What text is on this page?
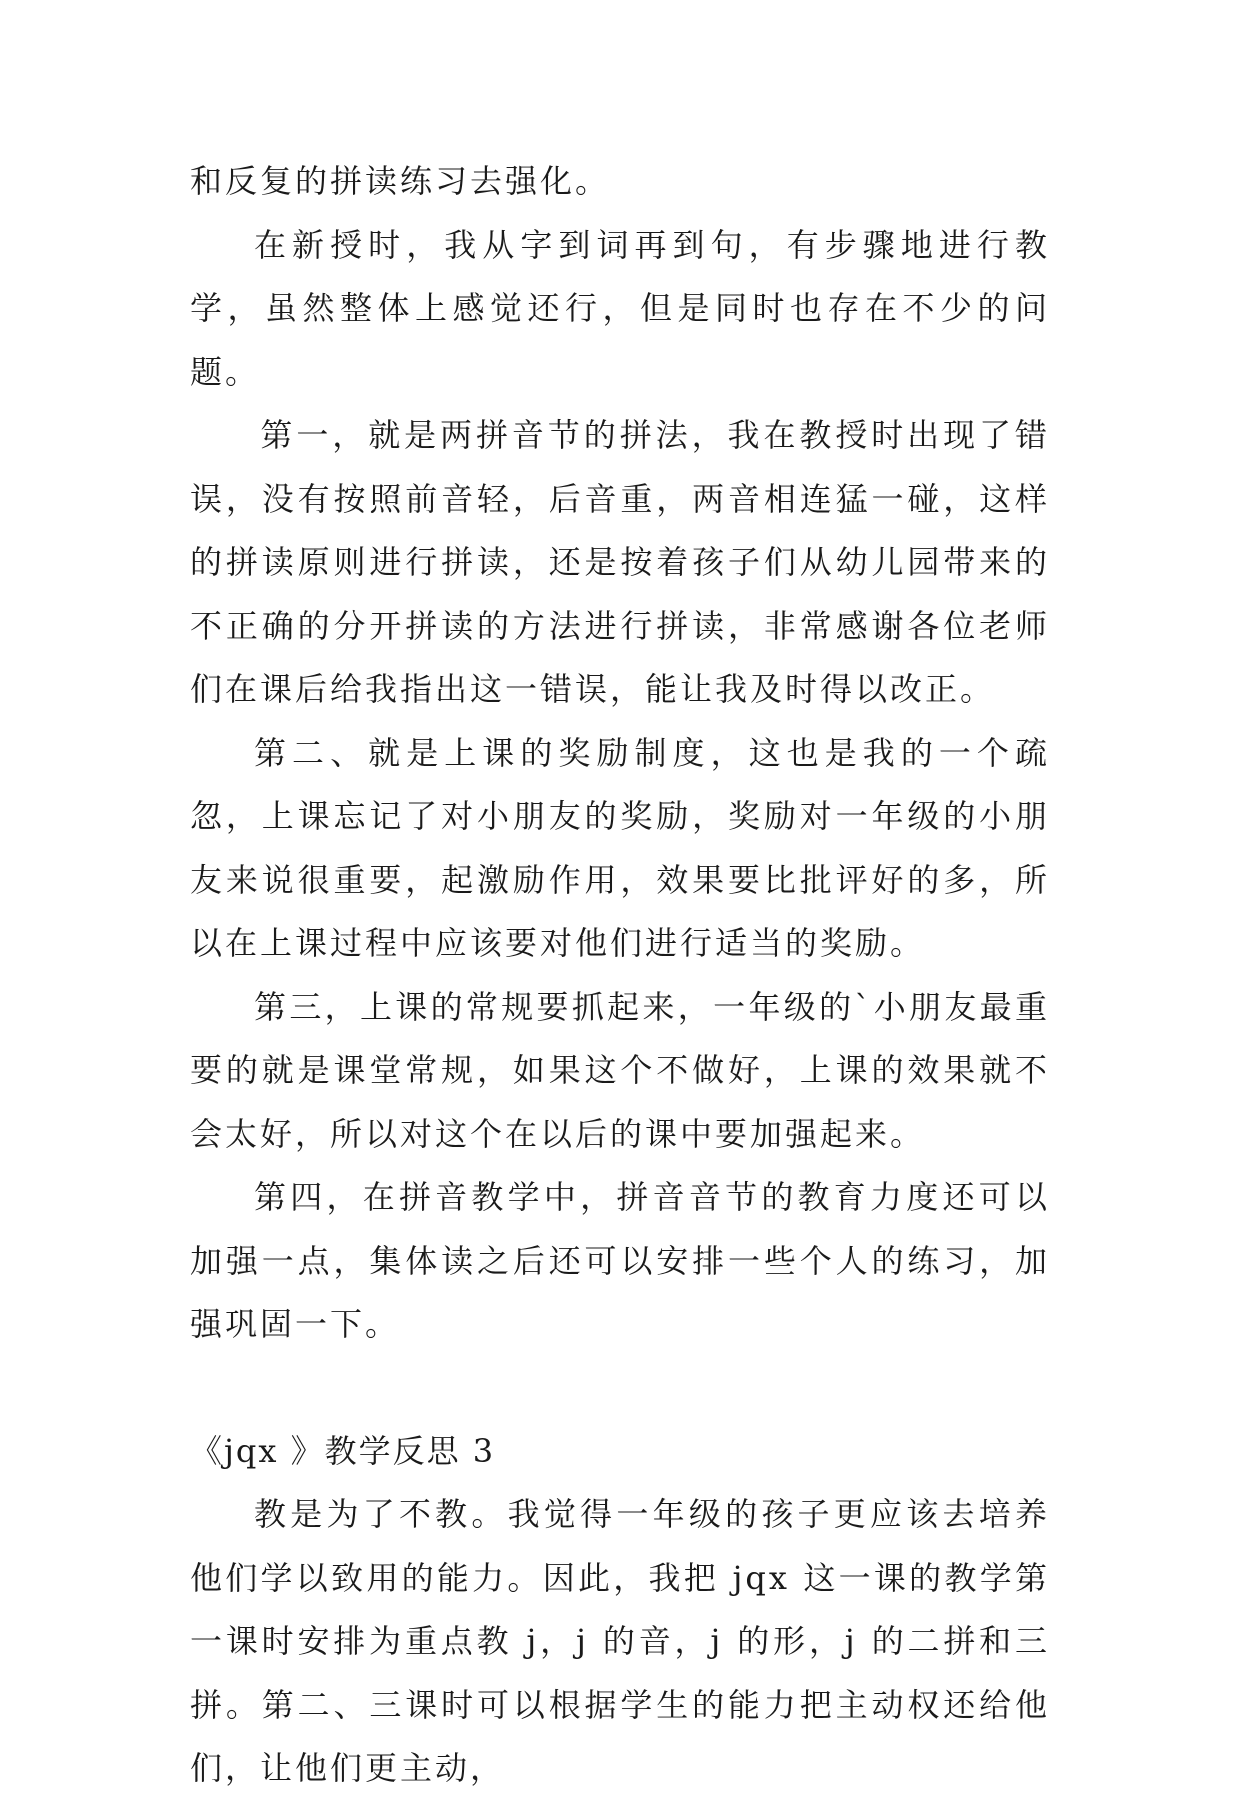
和反复的拼读练习去强化。

在新授时，我从字到词再到句，有步骤地进行教学，虽然整体上感觉还行，但是同时也存在不少的问题。

第一，就是两拼音节的拼法，我在教授时出现了错误，没有按照前音轻，后音重，两音相连猛一碰，这样的拼读原则进行拼读，还是按着孩子们从幼儿园带来的不正确的分开拼读的方法进行拼读，非常感谢各位老师们在课后给我指出这一错误，能让我及时得以改正。

第二、就是上课的奖励制度，这也是我的一个疏忽，上课忘记了对小朋友的奖励，奖励对一年级的小朋友来说很重要，起激励作用，效果要比批评好的多，所以在上课过程中应该要对他们进行适当的奖励。

第三，上课的常规要抓起来，一年级的`小朋友最重要的就是课堂常规，如果这个不做好，上课的效果就不会太好，所以对这个在以后的课中要加强起来。

第四，在拼音教学中，拼音音节的教育力度还可以加强一点，集体读之后还可以安排一些个人的练习，加强巩固一下。

《jqx 》教学反思 3

教是为了不教。我觉得一年级的孩子更应该去培养他们学以致用的能力。因此，我把 jqx 这一课的教学第一课时安排为重点教 j，j 的音，j 的形，j 的二拼和三拼。第二、三课时可以根据学生的能力把主动权还给他们，让他们更主动，
